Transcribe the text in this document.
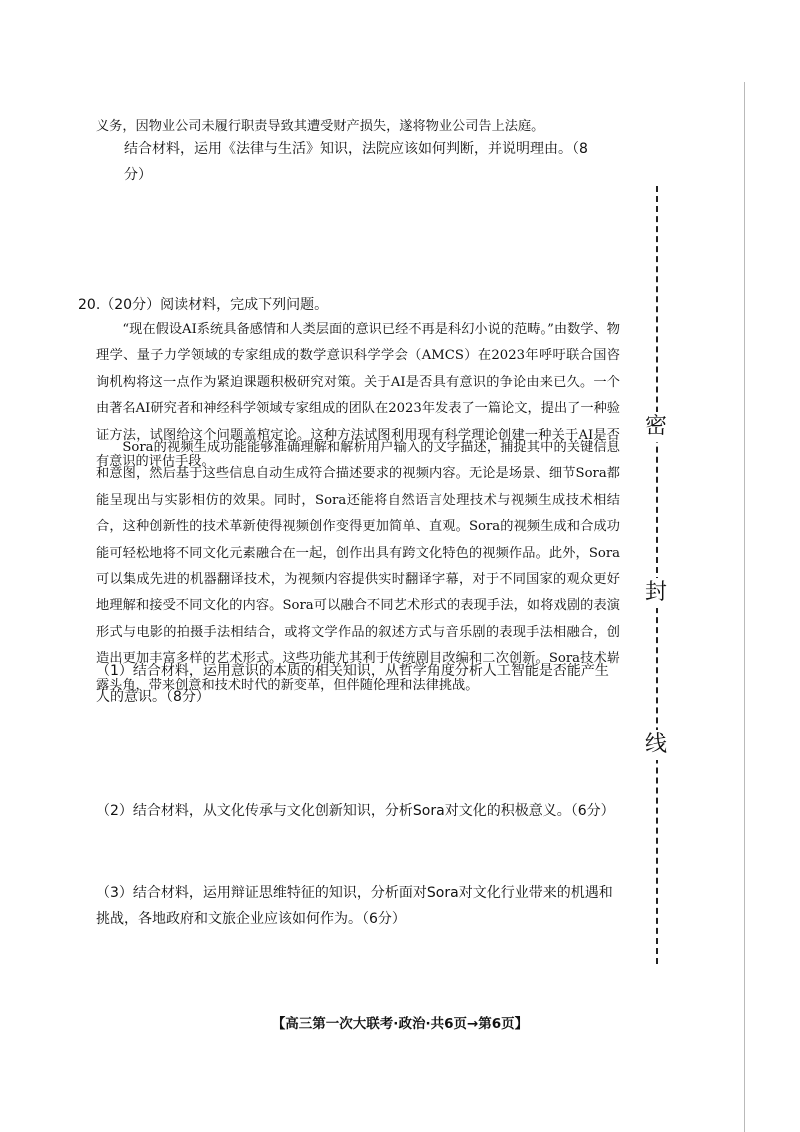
义务，因物业公司未履行职责导致其遭受财产损失，遂将物业公司告上法庭。

结合材料，运用《法律与生活》知识，法院应该如何判断，并说明理由。（8分）

20.（20分）阅读材料，完成下列问题。

“现在假设AI系统具备感情和人类层面的意识已经不再是科幻小说的范畴。”由数学、物理学、量子力学领域的专家组成的数学意识科学学会（AMCS）在2023年呼吁联合国咨询机构将这一点作为紧迫课题积极研究对策。关于AI是否具有意识的争论由来已久。一个由著名AI研究者和神经科学领域专家组成的团队在2023年发表了一篇论文，提出了一种验证方法，试图给这个问题盖棺定论。这种方法试图利用现有科学理论创建一种关于AI是否有意识的评估手段。

Sora的视频生成功能能够准确理解和解析用户输入的文字描述，捕捉其中的关键信息和意图，然后基于这些信息自动生成符合描述要求的视频内容。无论是场景、细节Sora都能呈现出与实影相仿的效果。同时，Sora还能将自然语言处理技术与视频生成技术相结合，这种创新性的技术革新使得视频创作变得更加简单、直观。Sora的视频生成和合成功能可轻松地将不同文化元素融合在一起，创作出具有跨文化特色的视频作品。此外，Sora可以集成先进的机器翻译技术，为视频内容提供实时翻译字幕，对于不同国家的观众更好地理解和接受不同文化的内容。Sora可以融合不同艺术形式的表现手法，如将戏剧的表演形式与电影的拍摄手法相结合，或将文学作品的叙述方式与音乐剧的表现手法相融合，创造出更加丰富多样的艺术形式。这些功能尤其利于传统剧目改编和二次创新。Sora技术崭露头角，带来创意和技术时代的新变革，但伴随伦理和法律挑战。

（1）结合材料，运用意识的本质的相关知识，从哲学角度分析人工智能是否能产生人的意识。（8分）

（2）结合材料，从文化传承与文化创新知识，分析Sora对文化的积极意义。（6分）

（3）结合材料，运用辩证思维特征的知识，分析面对Sora对文化行业带来的机遇和挑战，各地政府和文旅企业应该如何作为。（6分）

密
封
线
【高三第一次大联考·政治·共6页→第6页】
